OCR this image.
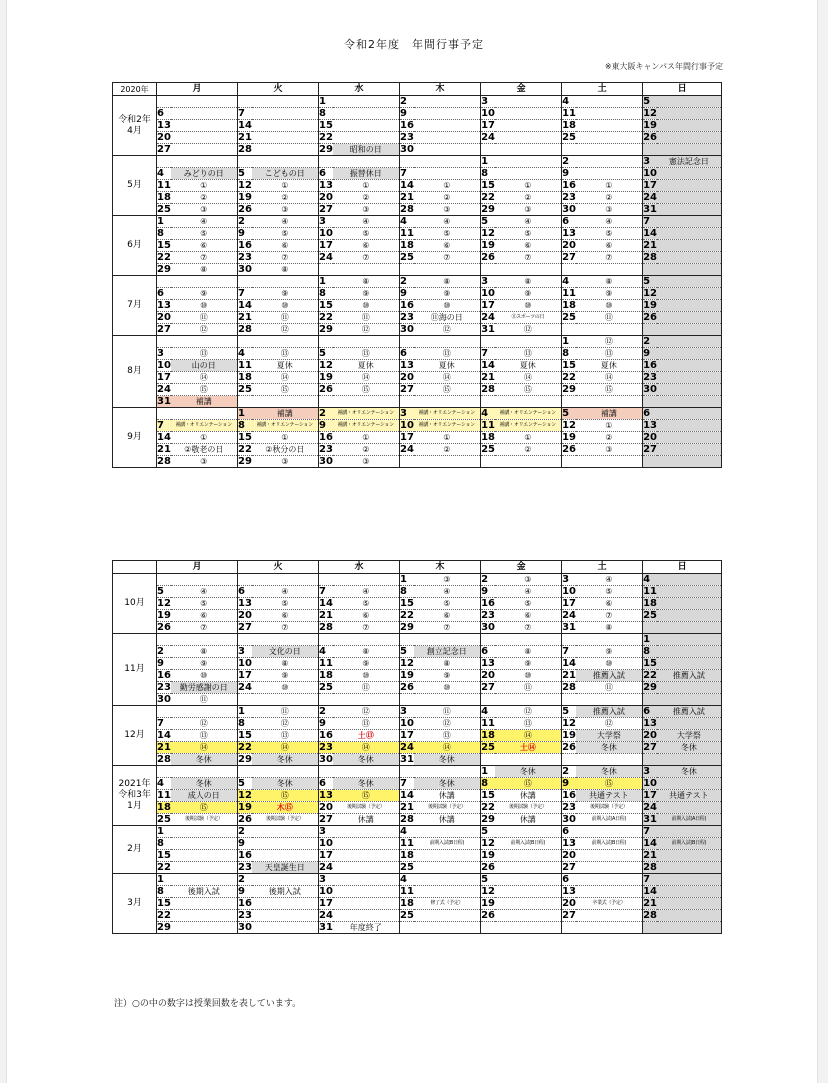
令和2年度　年間行事予定
※東大阪キャンパス年間行事予定
2020年	月		火		水		木		金		土		日	

令和2年
4月					1		2		3		4		5	
	6		7		8		9		10		11		12	
	13		14		15		16		17		18		19	
	20		21		22		23		24		25		26	
	27		28		29	昭和の日	30							

5月									1		2		3	憲法記念日
	4	みどりの日	5	こどもの日	6	振替休日	7		8		9		10	
	11	①	12	①	13	①	14	①	15	①	16	①	17	
	18	②	19	②	20	②	21	②	22	②	23	②	24	
	25	③	26	③	27	③	28	③	29	③	30	③	31	

6月	1	④	2	④	3	④	4	④	5	④	6	④	7	
	8	⑤	9	⑤	10	⑤	11	⑤	12	⑤	13	⑤	14	
	15	⑥	16	⑥	17	⑥	18	⑥	19	⑥	20	⑥	21	
	22	⑦	23	⑦	24	⑦	25	⑦	26	⑦	27	⑦	28	
	29	⑧	30	⑧										

7月					1	⑧	2	⑧	3	⑧	4	⑧	5	
	6	⑨	7	⑨	8	⑨	9	⑨	10	⑨	11	⑨	12	
	13	⑩	14	⑩	15	⑩	16	⑩	17	⑩	18	⑩	19	
	20	⑪	21	⑪	22	⑪	23	⑪海の日	24	⑪スポーツの日	25	⑪	26	
	27	⑫	28	⑫	29	⑫	30	⑫	31	⑫				

8月											1	⑫	2	
	3	⑬	4	⑬	5	⑬	6	⑬	7	⑬	8	⑬	9	
	10	山の日	11	夏休	12	夏休	13	夏休	14	夏休	15	夏休	16	
	17	⑭	18	⑭	19	⑭	20	⑭	21	⑭	22	⑭	23	
	24	⑮	25	⑮	26	⑮	27	⑮	28	⑮	29	⑮	30	
	31	補講												

9月			1	補講	2	補講・オリエンテーション	3	補講・オリエンテーション	4	補講・オリエンテーション	5	補講	6	
	7	補講・オリエンテーション	8	補講・オリエンテーション	9	補講・オリエンテーション	10	補講・オリエンテーション	11	補講・オリエンテーション	12	①	13	
	14	①	15	①	16	①	17	①	18	①	19	②	20	
	21	②敬老の日	22	②秋分の日	23	②	24	②	25	②	26	③	27	
	28	③	29	③	30	③								
	月		火		水		木		金		土		日	

10月							1	③	2	③	3	④	4	
	5	④	6	④	7	④	8	④	9	④	10	⑤	11	
	12	⑤	13	⑤	14	⑤	15	⑤	16	⑤	17	⑥	18	
	19	⑥	20	⑥	21	⑥	22	⑥	23	⑥	24	⑦	25	
	26	⑦	27	⑦	28	⑦	29	⑦	30	⑦	31	⑧		

11月													1	
	2	⑧	3	文化の日	4	⑧	5	創立記念日	6	⑧	7	⑨	8	
	9	⑨	10	⑧	11	⑨	12	⑧	13	⑨	14	⑩	15	
	16	⑩	17	⑨	18	⑩	19	⑨	20	⑩	21	推薦入試	22	推薦入試
	23	勤労感謝の日	24	⑩	25	⑪	26	⑩	27	⑪	28	⑪	29	
	30	⑪												

12月			1	⑪	2	⑫	3	⑪	4	⑫	5	推薦入試	6	推薦入試
	7	⑫	8	⑫	9	⑬	10	⑫	11	⑬	12	⑫	13	
	14	⑬	15	⑬	16	土⑬	17	⑬	18	⑭	19	大学祭	20	大学祭
	21	⑭	22	⑭	23	⑭	24	⑭	25	土⑭	26	冬休	27	冬休
	28	冬休	29	冬休	30	冬休	31	冬休						

2021年
令和3年
1月									1	冬休	2	冬休	3	冬休
	4	冬休	5	冬休	6	冬休	7	冬休	8	⑮	9	⑮	10	
	11	成人の日	12	⑮	13	⑮	14	休講	15	休講	16	共通テスト	17	共通テスト
	18	⑮	19	木⑮	20	後期試験（予定）	21	後期試験（予定）	22	後期試験（予定）	23	後期試験（予定）	24	
	25	後期試験（予定）	26	後期試験（予定）	27	休講	28	休講	29	休講	30	前期入試(A日程)	31	前期入試(A日程)

2月	1		2		3		4		5		6		7	
	8		9		10		11	前期入試(B日程)	12	前期入試(B日程)	13	前期入試(B日程)	14	前期入試(B日程)
	15		16		17		18		19		20		21	
	22		23	天皇誕生日	24		25		26		27		28	

3月	1		2		3		4		5		6		7	
	8	後期入試	9	後期入試	10		11		12		13		14	
	15		16		17		18	修了式（予定）	19		20	卒業式（予定）	21	
	22		23		24		25		26		27		28	
	29		30		31	年度終了								
注）○の中の数字は授業回数を表しています。
